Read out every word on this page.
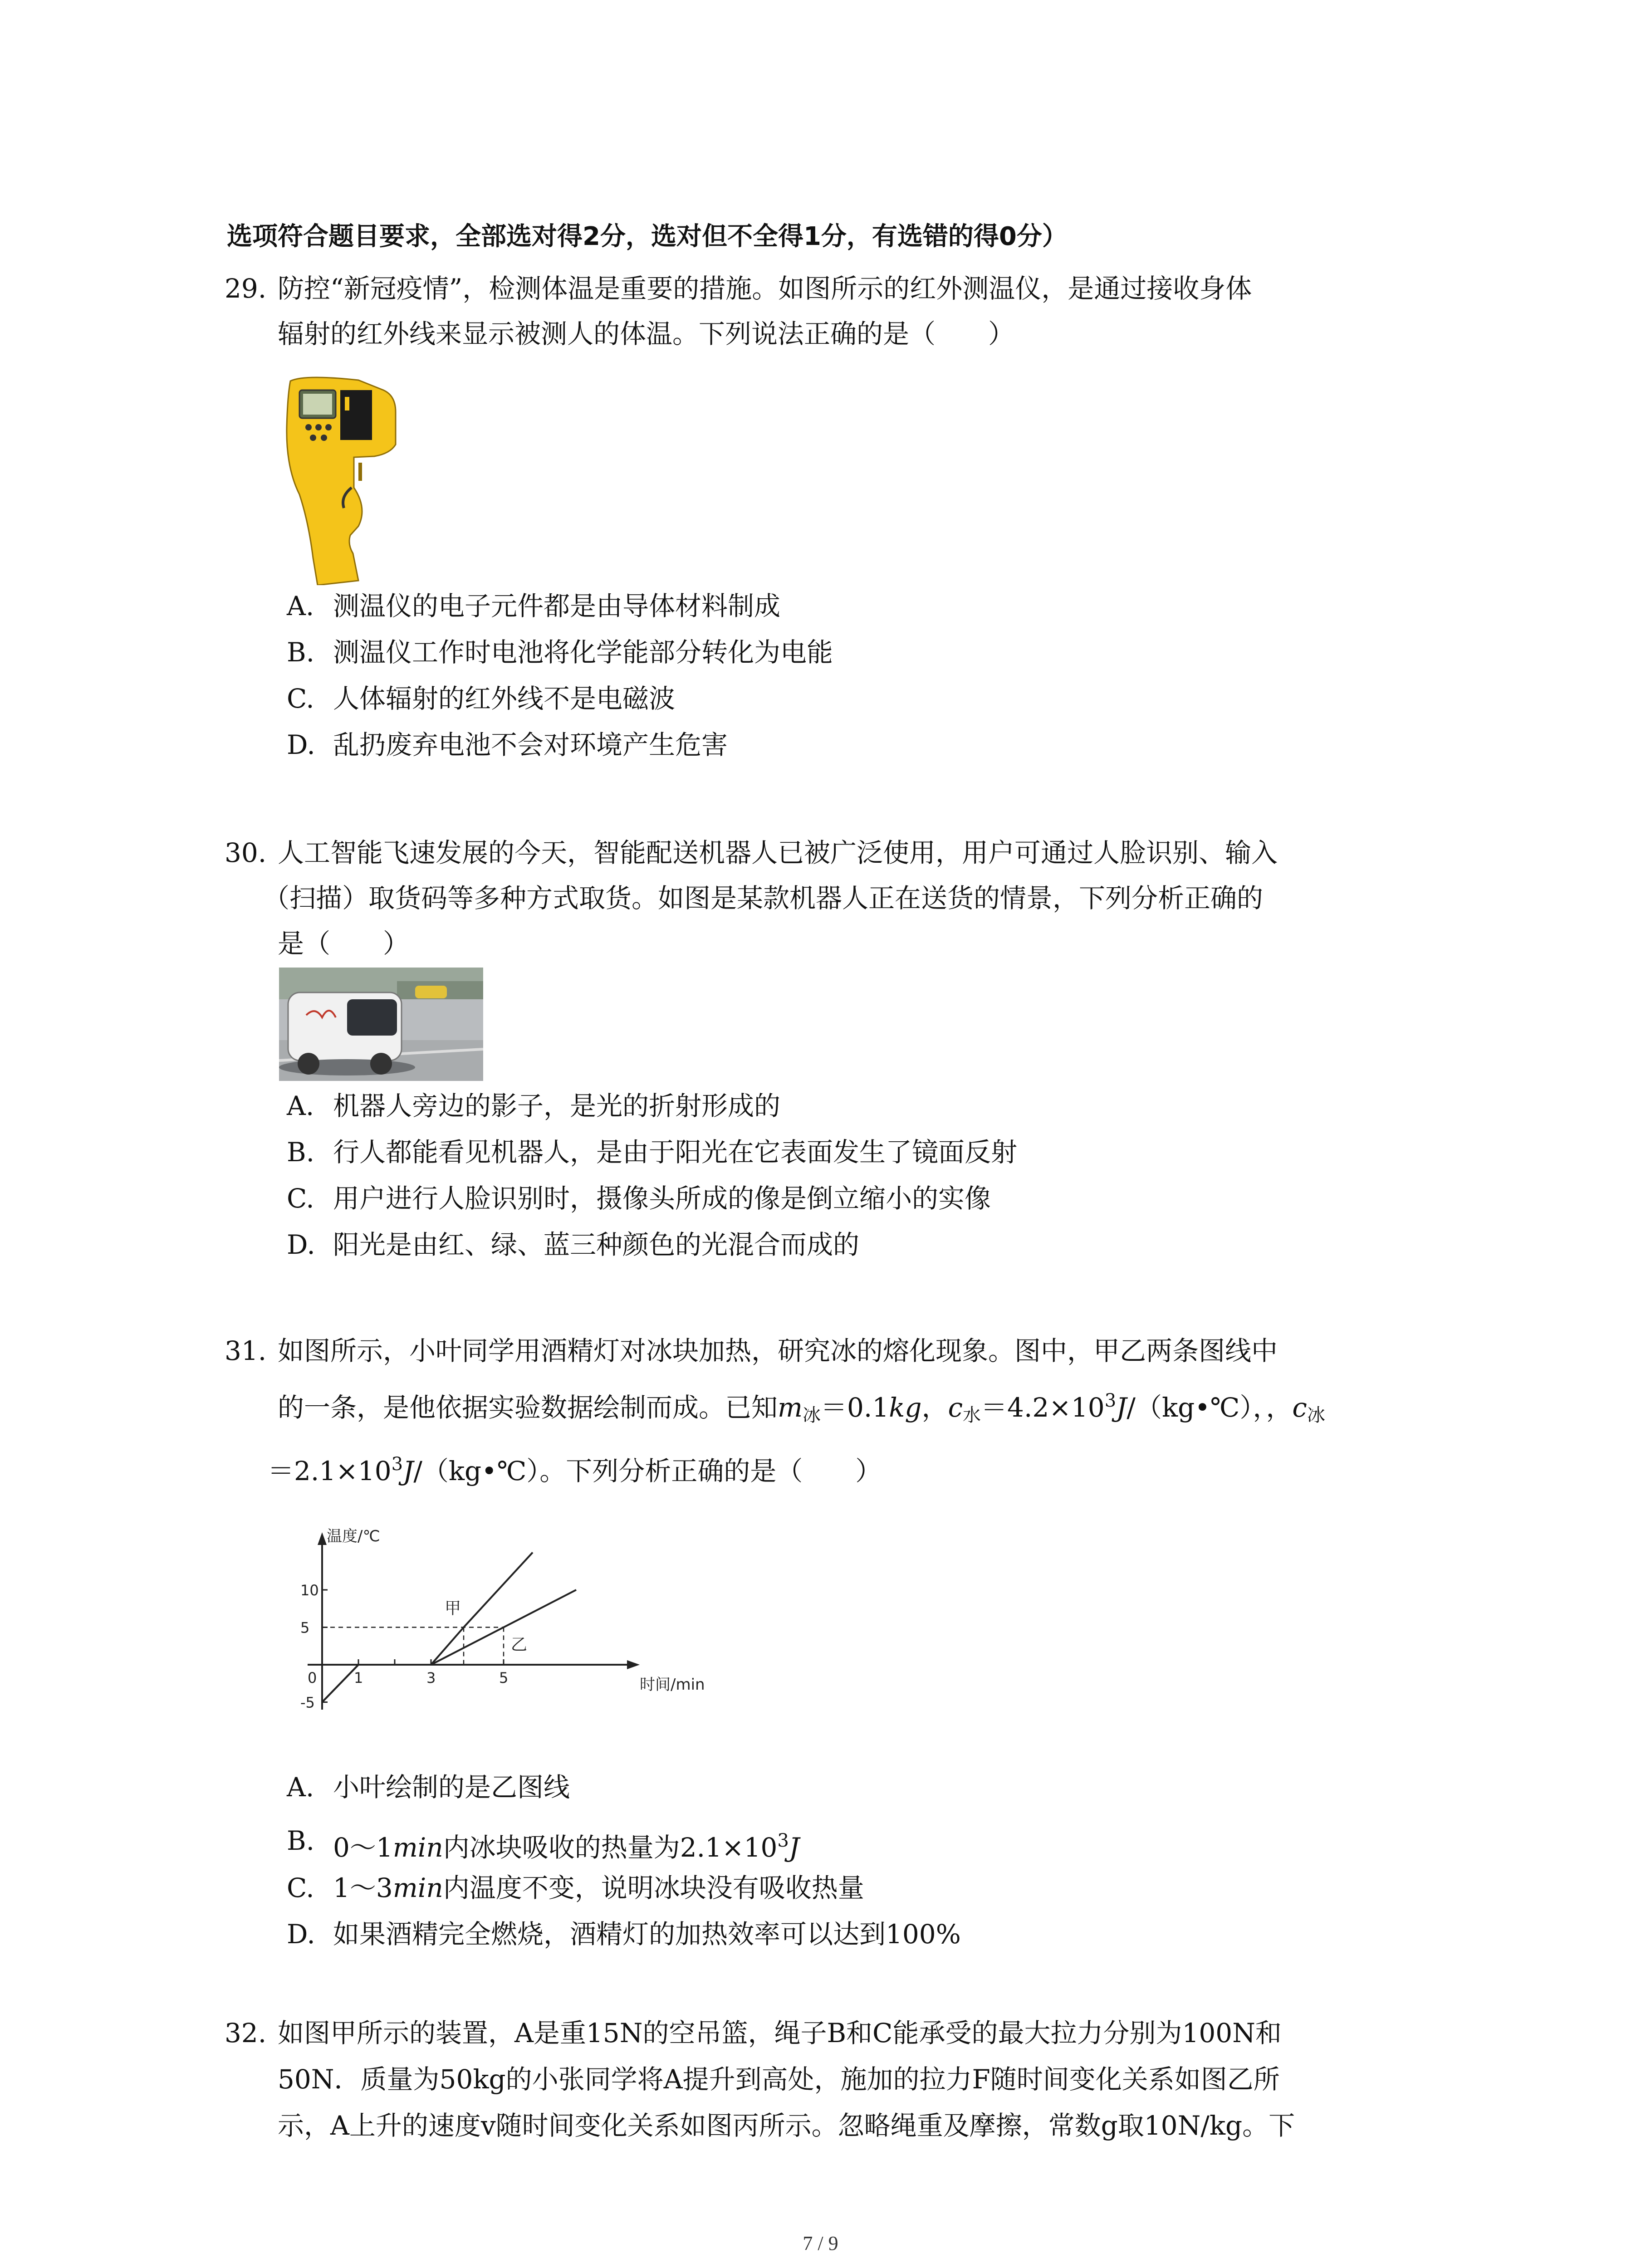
选项符合题目要求，全部选对得2分，选对但不全得1分，有选错的得0分）
29. 防控“新冠疫情”，检测体温是重要的措施。如图所示的红外测温仪，是通过接收身体
辐射的红外线来显示被测人的体温。下列说法正确的是（　　）
A. 测温仪的电子元件都是由导体材料制成
B. 测温仪工作时电池将化学能部分转化为电能
C. 人体辐射的红外线不是电磁波
D. 乱扔废弃电池不会对环境产生危害
30. 人工智能飞速发展的今天，智能配送机器人已被广泛使用，用户可通过人脸识别、输入
（扫描）取货码等多种方式取货。如图是某款机器人正在送货的情景，下列分析正确的
是（　　）
A. 机器人旁边的影子，是光的折射形成的
B. 行人都能看见机器人，是由于阳光在它表面发生了镜面反射
C. 用户进行人脸识别时，摄像头所成的像是倒立缩小的实像
D. 阳光是由红、绿、蓝三种颜色的光混合而成的
31. 如图所示，小叶同学用酒精灯对冰块加热，研究冰的熔化现象。图中，甲乙两条图线中
的一条，是他依据实验数据绘制而成。已知$m_冰=0.1kg$，$c_水=4.2\times 10^3J/(kg•℃)$，，$c_冰$
$=2.1\times 10^3J/(kg•℃)$。下列分析正确的是（　　）
温度/℃
时间/min
0	1	3	5
10
5
-5
甲
乙
A. 小叶绘制的是乙图线
B. 0～1min内冰块吸收的热量为$2.1\times 10^3J$
C. 1～3min内温度不变，说明冰块没有吸收热量
D. 如果酒精完全燃烧，酒精灯的加热效率可以达到100%
32. 如图甲所示的装置，A是重15N的空吊篮，绳子B和C能承受的最大拉力分别为100N和
50N．质量为50kg的小张同学将A提升到高处，施加的拉力F随时间变化关系如图乙所
示，A上升的速度v随时间变化关系如图丙所示。忽略绳重及摩擦，常数g取10N/kg。下
7 / 9
